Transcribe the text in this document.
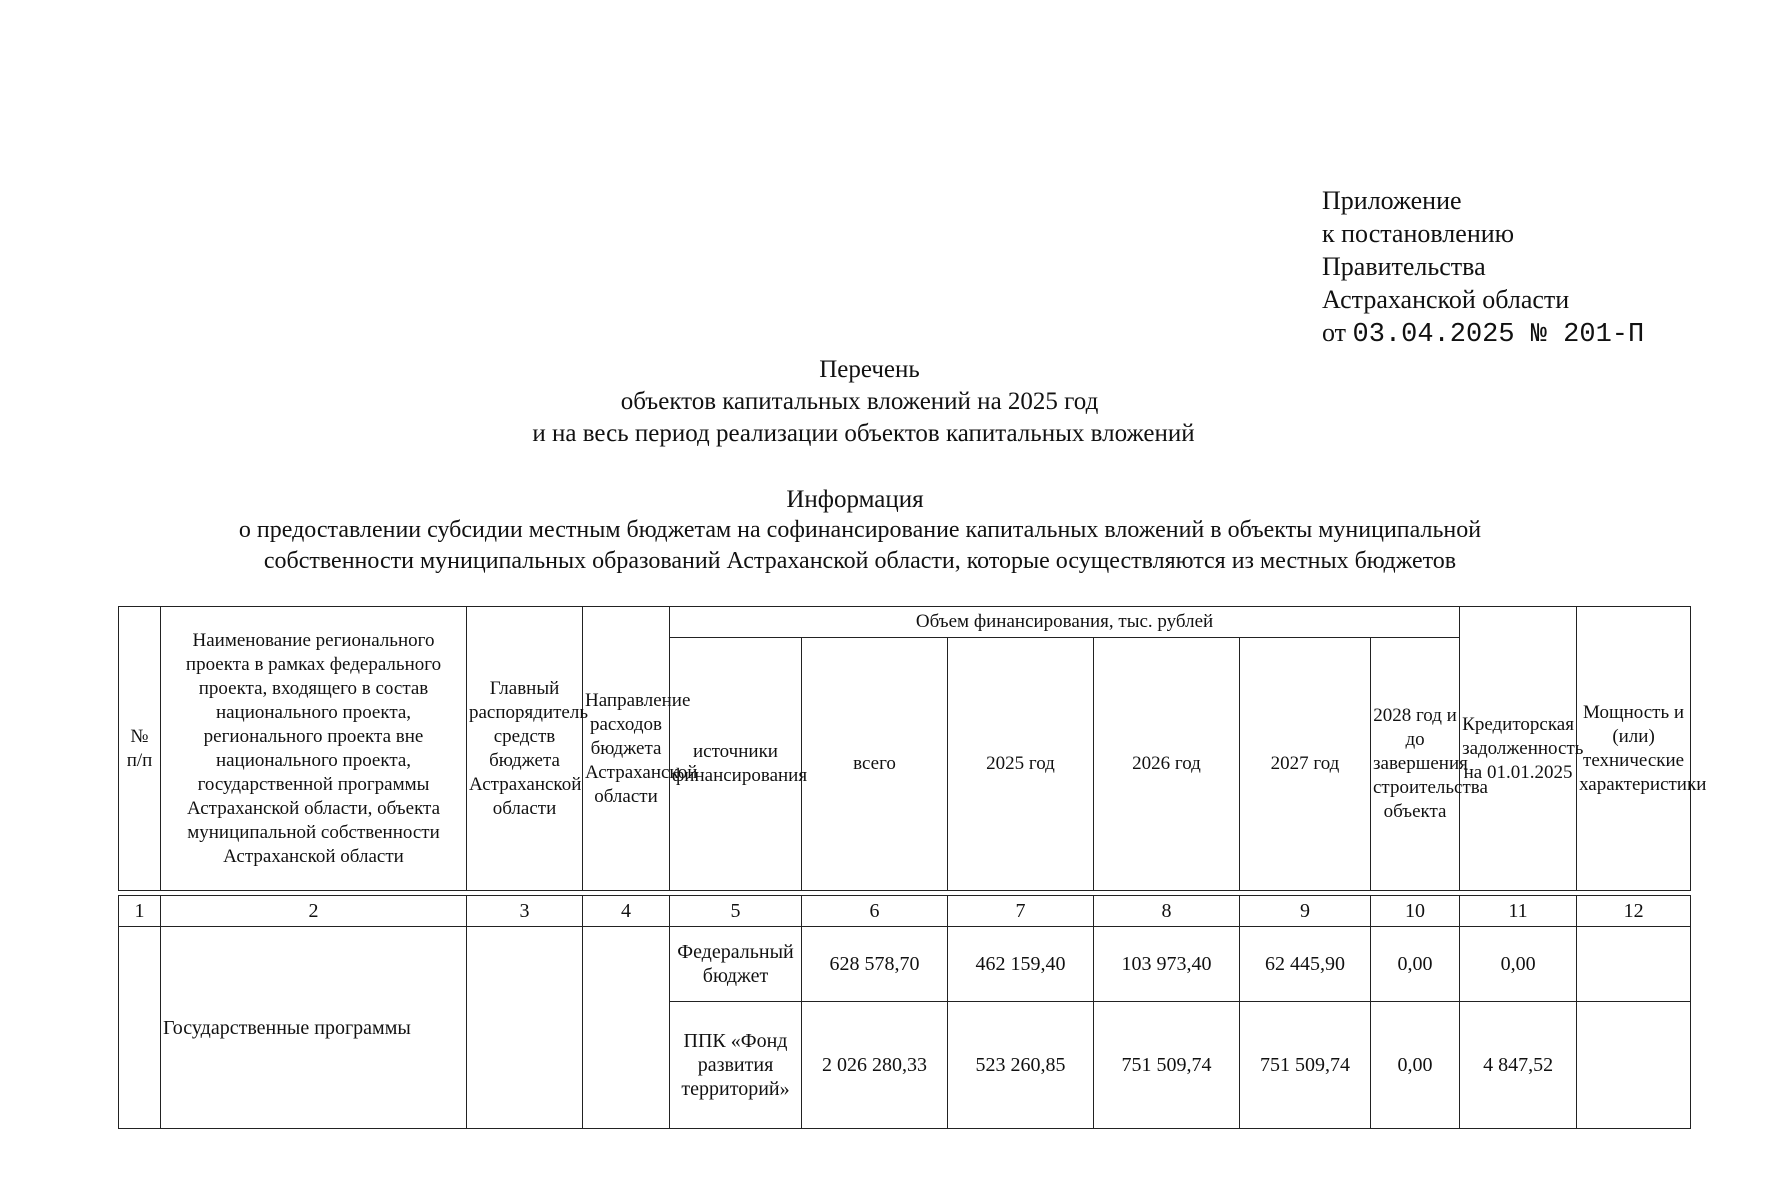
Приложение
к постановлению
Правительства
Астраханской области
от 03.04.2025 № 201-П
Перечень
объектов капитальных вложений на 2025 год
и на весь период реализации объектов капитальных вложений
Информация
о предоставлении субсидии местным бюджетам на софинансирование капитальных вложений в объекты муниципальной
собственности муниципальных образований Астраханской области, которые осуществляются из местных бюджетов
№ п/п	Наименование регионального проекта в рамках федерального проекта, входящего в состав национального проекта, регионального проекта вне национального проекта, государственной программы Астраханской области, объекта муниципальной собственности Астраханской области	Главный распорядитель средств бюджета Астраханской области	Направление расходов бюджета Астраханской области	Объем финансирования, тыс. рублей						Кредиторская задолженность на 01.01.2025	Мощность и (или) технические характеристики
				источники финансирования	всего	2025 год	2026 год	2027 год	2028 год и до завершения строительства объекта		

1	2	3	4	5	6	7	8	9	10	11	12
	Государственные программы			Федеральный бюджет	628 578,70	462 159,40	103 973,40	62 445,90	0,00	0,00	
				ППК «Фонд развития территорий»	2 026 280,33	523 260,85	751 509,74	751 509,74	0,00	4 847,52	
